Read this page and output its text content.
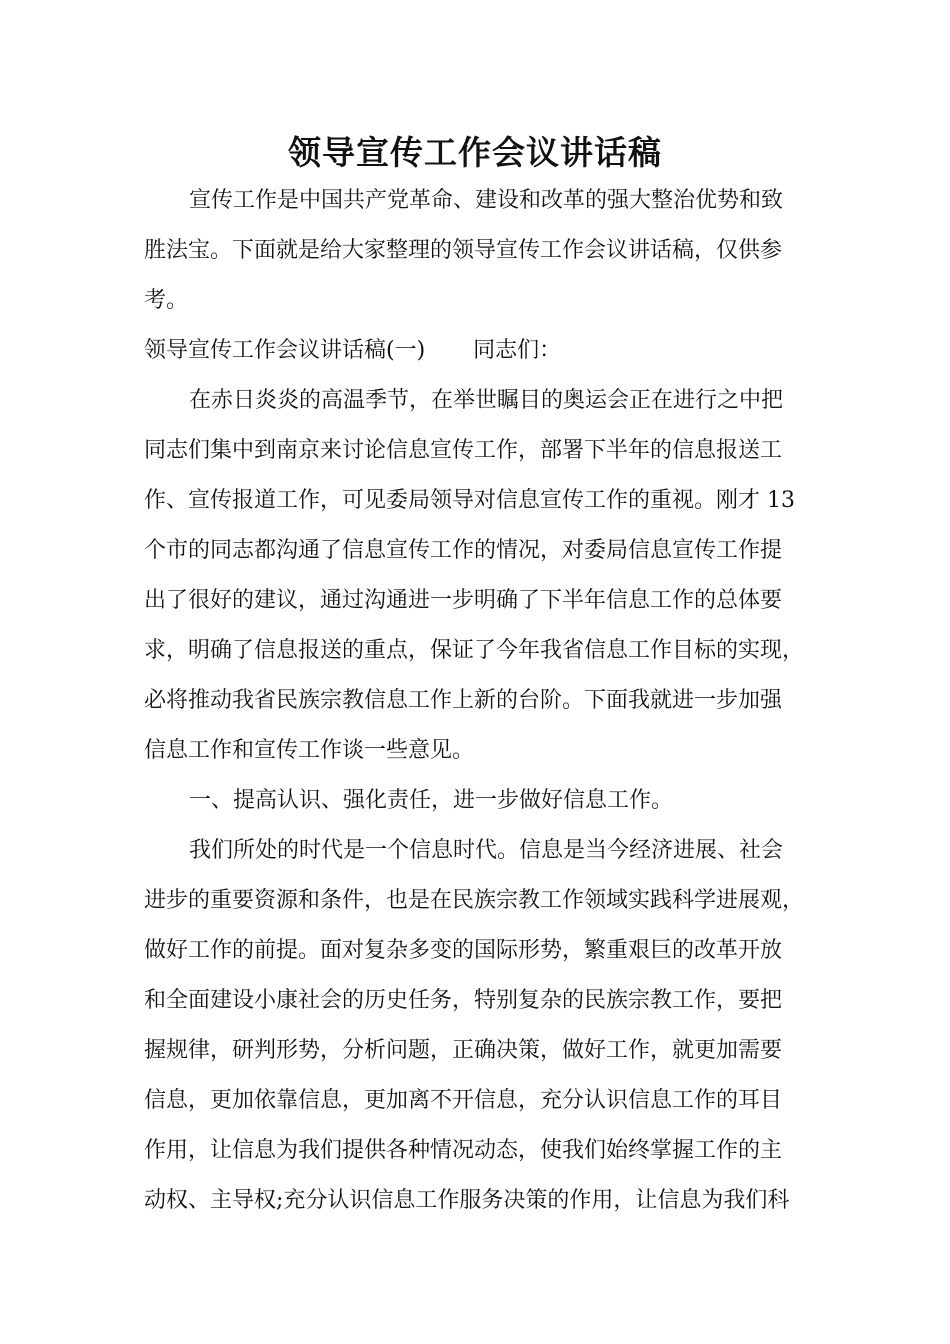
领导宣传工作会议讲话稿
宣传工作是中国共产党革命、建设和改革的强大整治优势和致
胜法宝。下面就是给大家整理的领导宣传工作会议讲话稿，仅供参
考。
领导宣传工作会议讲话稿(一) 同志们：
在赤日炎炎的高温季节，在举世瞩目的奥运会正在进行之中把
同志们集中到南京来讨论信息宣传工作，部署下半年的信息报送工
作、宣传报道工作，可见委局领导对信息宣传工作的重视。刚才 13
个市的同志都沟通了信息宣传工作的情况，对委局信息宣传工作提
出了很好的建议，通过沟通进一步明确了下半年信息工作的总体要
求，明确了信息报送的重点，保证了今年我省信息工作目标的实现，
必将推动我省民族宗教信息工作上新的台阶。下面我就进一步加强
信息工作和宣传工作谈一些意见。
一、提高认识、强化责任，进一步做好信息工作。
我们所处的时代是一个信息时代。信息是当今经济进展、社会
进步的重要资源和条件，也是在民族宗教工作领域实践科学进展观，
做好工作的前提。面对复杂多变的国际形势，繁重艰巨的改革开放
和全面建设小康社会的历史任务，特别复杂的民族宗教工作，要把
握规律，研判形势，分析问题，正确决策，做好工作，就更加需要
信息，更加依靠信息，更加离不开信息，充分认识信息工作的耳目
作用，让信息为我们提供各种情况动态，使我们始终掌握工作的主
动权、主导权;充分认识信息工作服务决策的作用，让信息为我们科
